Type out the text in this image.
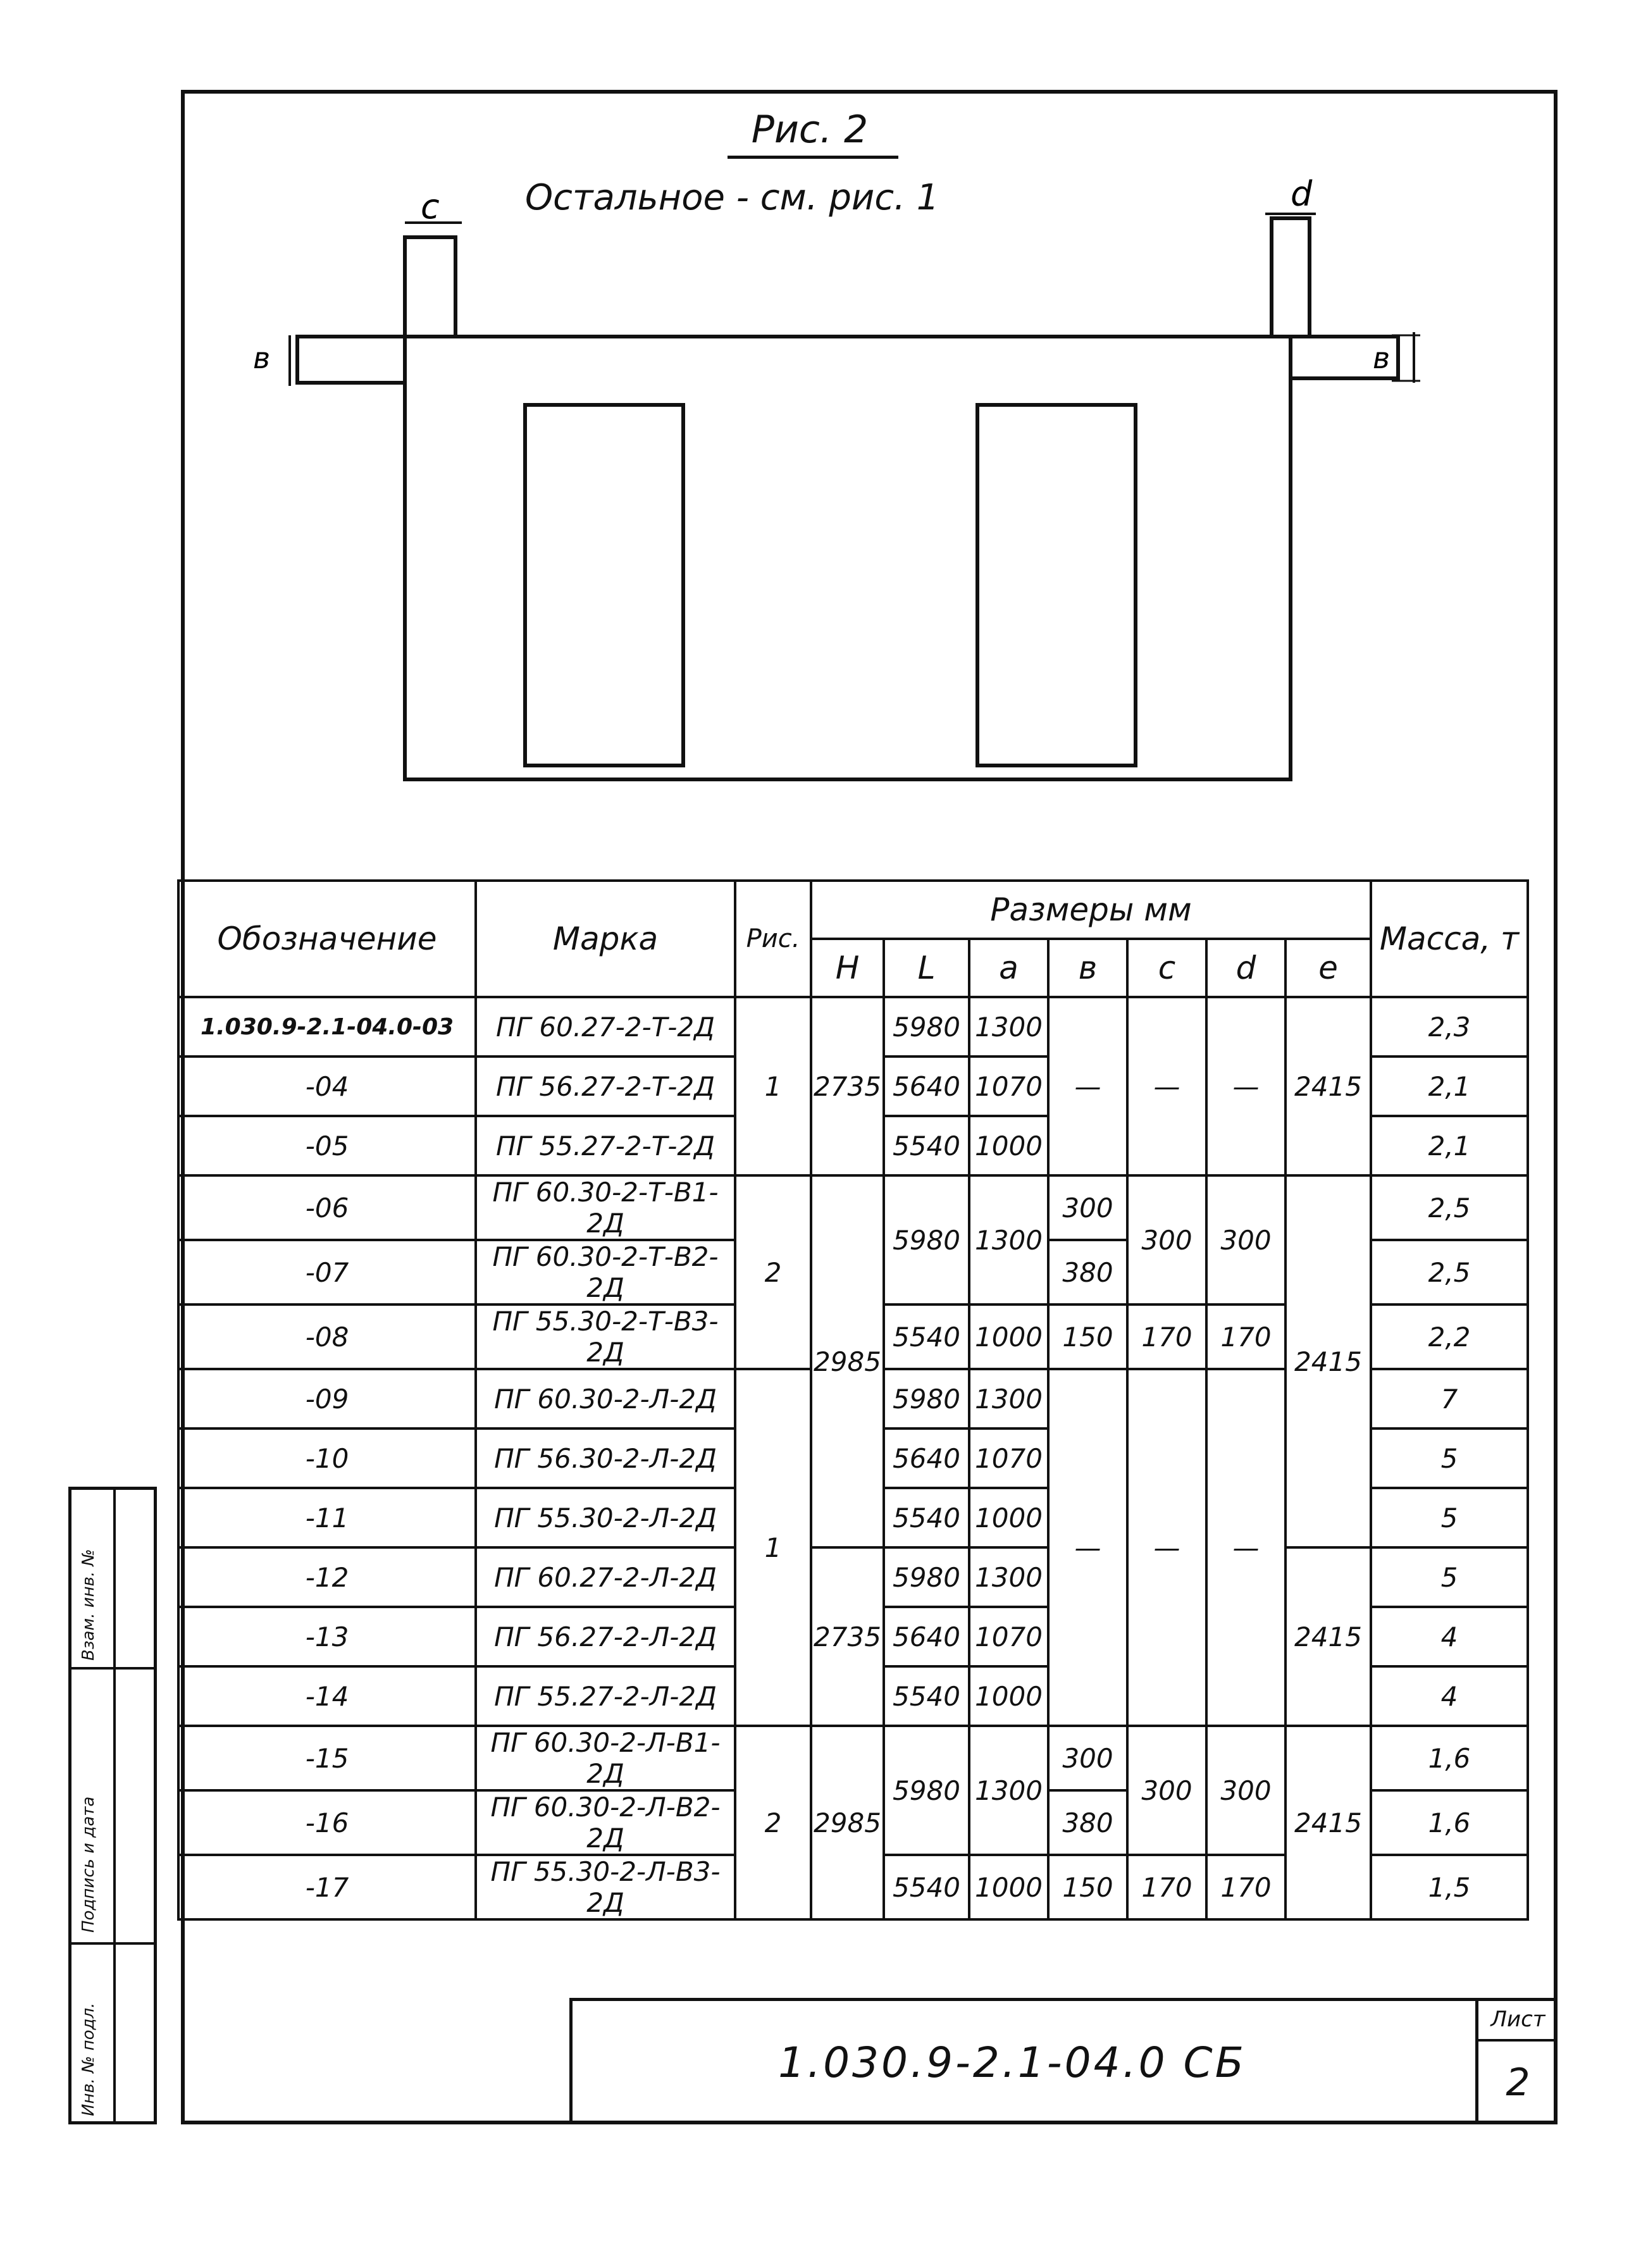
Инв. № подл.
Подпись и дата
Взам. инв. №
Рис. 2
Остальное - см. рис. 1
c	d
в	в
Обозначение	Марка	Рис.	Размеры мм							Масса, т
			H	L	a	в	c	d	e	
1.030.9-2.1-04.0-03	ПГ 60.27-2-Т-2Д	1	2735	5980	1300	—	—	—	2415	2,3
-04	ПГ 56.27-2-Т-2Д			5640	1070					2,1
-05	ПГ 55.27-2-Т-2Д			5540	1000					2,1
-06	ПГ 60.30-2-Т-В1-2Д	2	2985	5980	1300	300	300	300	2415	2,5
-07	ПГ 60.30-2-Т-В2-2Д					380				2,5
-08	ПГ 55.30-2-Т-В3-2Д			5540	1000	150	170	170		2,2
-09	ПГ 60.30-2-Л-2Д	1		5980	1300	—	—	—		7
-10	ПГ 56.30-2-Л-2Д			5640	1070					5
-11	ПГ 55.30-2-Л-2Д			5540	1000					5
-12	ПГ 60.27-2-Л-2Д		2735	5980	1300				2415	5
-13	ПГ 56.27-2-Л-2Д			5640	1070					4
-14	ПГ 55.27-2-Л-2Д			5540	1000					4
-15	ПГ 60.30-2-Л-В1-2Д	2	2985	5980	1300	300	300	300	2415	1,6
-16	ПГ 60.30-2-Л-В2-2Д					380				1,6
-17	ПГ 55.30-2-Л-В3-2Д			5540	1000	150	170	170		1,5
1.030.9-2.1-04.0 СБ
Лист
2
